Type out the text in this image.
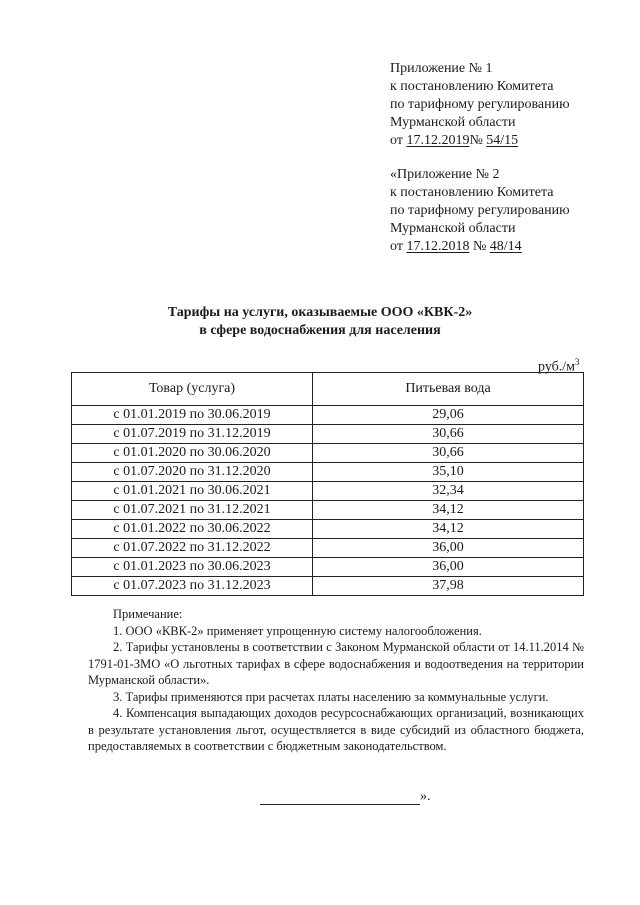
Приложение № 1
к постановлению Комитета
по тарифному регулированию
Мурманской области
от 17.12.2019№ 54/15
«Приложение № 2
к постановлению Комитета
по тарифному регулированию
Мурманской области
от 17.12.2018 № 48/14
Тарифы на услуги, оказываемые ООО «КВК-2»
в сфере водоснабжения для населения
$руб./м^3$
Товар (услуга)	Питьевая вода
с 01.01.2019 по 30.06.2019	29,06
с 01.07.2019 по 31.12.2019	30,66
с 01.01.2020 по 30.06.2020	30,66
с 01.07.2020 по 31.12.2020	35,10
с 01.01.2021 по 30.06.2021	32,34
с 01.07.2021 по 31.12.2021	34,12
с 01.01.2022 по 30.06.2022	34,12
с 01.07.2022 по 31.12.2022	36,00
с 01.01.2023 по 30.06.2023	36,00
с 01.07.2023 по 31.12.2023	37,98
Примечание:

1. ООО «КВК-2» применяет упрощенную систему налогообложения.

2. Тарифы установлены в соответствии с Законом Мурманской области от 14.11.2014 № 1791-01-ЗМО «О льготных тарифах в сфере водоснабжения и водоотведения на территории Мурманской области».

3. Тарифы применяются при расчетах платы населению за коммунальные услуги.

4. Компенсация выпадающих доходов ресурсоснабжающих организаций, возникающих в результате установления льгот, осуществляется в виде субсидий из областного бюджета, предоставляемых в соответствии с бюджетным законодательством.

».
